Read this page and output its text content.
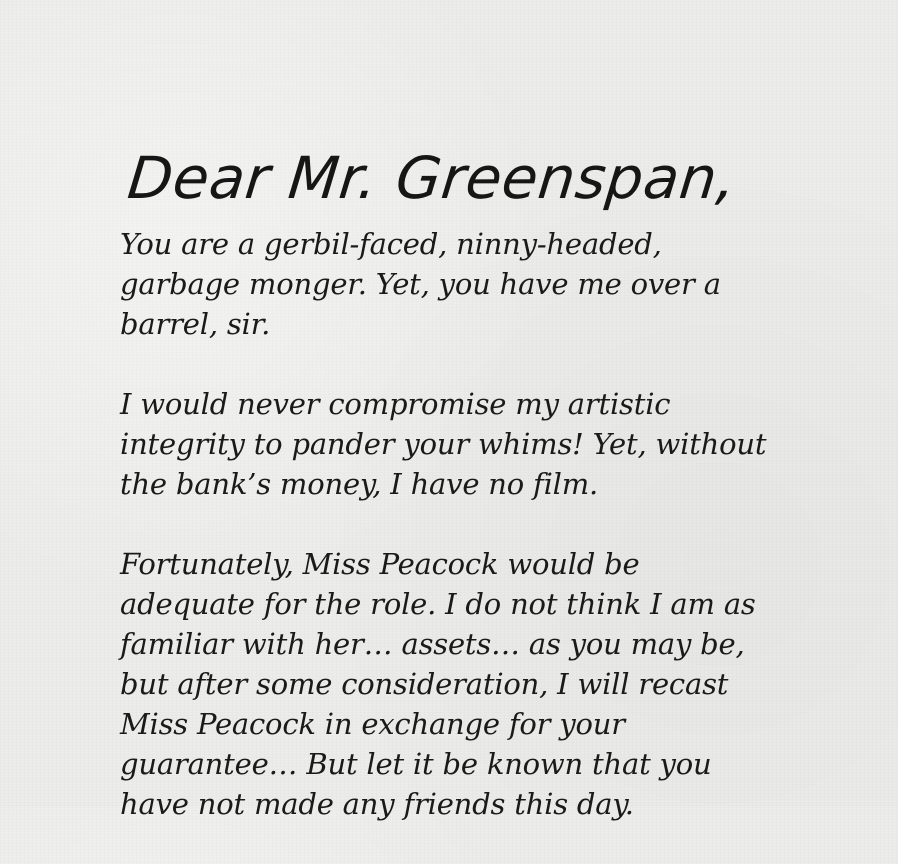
Dear Mr. Greenspan,

You are a gerbil-faced, ninny-headed, garbage monger. Yet, you have me over a barrel, sir.

I would never compromise my artistic integrity to pander your whims! Yet, without the bank’s money, I have no film.

Fortunately, Miss Peacock would be adequate for the role. I do not think I am as familiar with her… assets… as you may be, but after some consideration, I will recast Miss Peacock in exchange for your guarantee… But let it be known that you have not made any friends this day.
